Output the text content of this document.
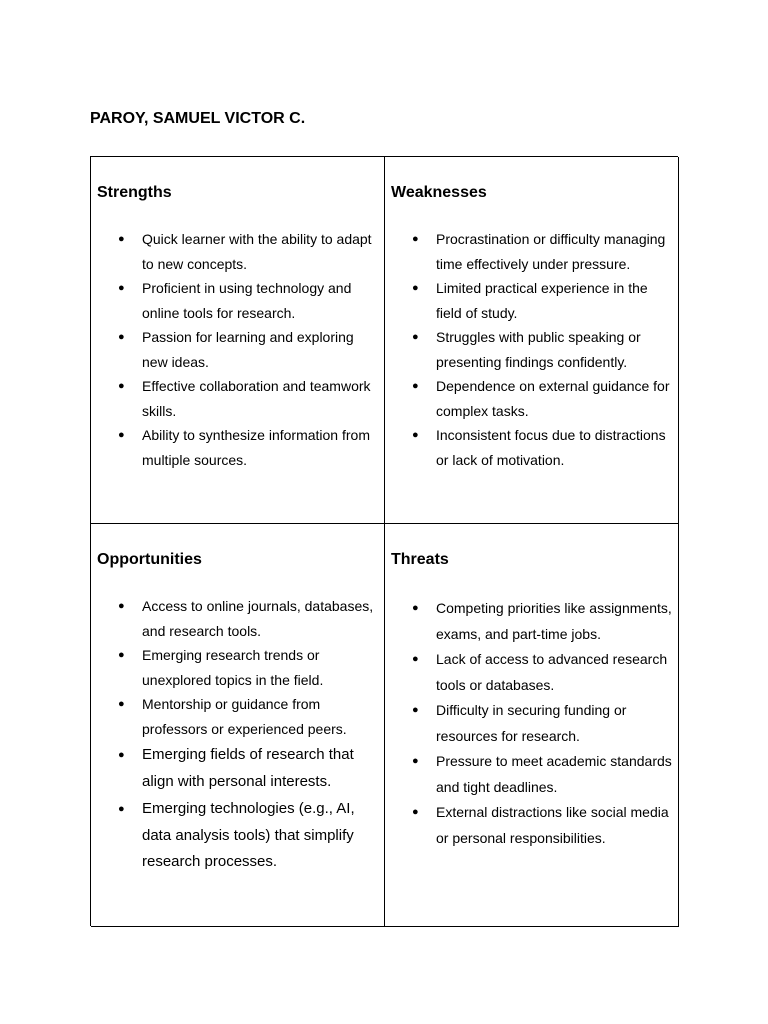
PAROY, SAMUEL VICTOR C.
Strengths
● Quick learner with the ability to adapt to new concepts.
● Proficient in using technology and online tools for research.
● Passion for learning and exploring new ideas.
● Effective collaboration and teamwork skills.
● Ability to synthesize information from multiple sources.
Weaknesses
● Procrastination or difficulty managing time effectively under pressure.
● Limited practical experience in the field of study.
● Struggles with public speaking or presenting findings confidently.
● Dependence on external guidance for complex tasks.
● Inconsistent focus due to distractions or lack of motivation.
Opportunities
● Access to online journals, databases, and research tools.
● Emerging research trends or unexplored topics in the field.
● Mentorship or guidance from professors or experienced peers.
● Emerging fields of research that align with personal interests.
● Emerging technologies (e.g., AI, data analysis tools) that simplify research processes.
Threats
● Competing priorities like assignments, exams, and part-time jobs.
● Lack of access to advanced research tools or databases.
● Difficulty in securing funding or resources for research.
● Pressure to meet academic standards and tight deadlines.
● External distractions like social media or personal responsibilities.
